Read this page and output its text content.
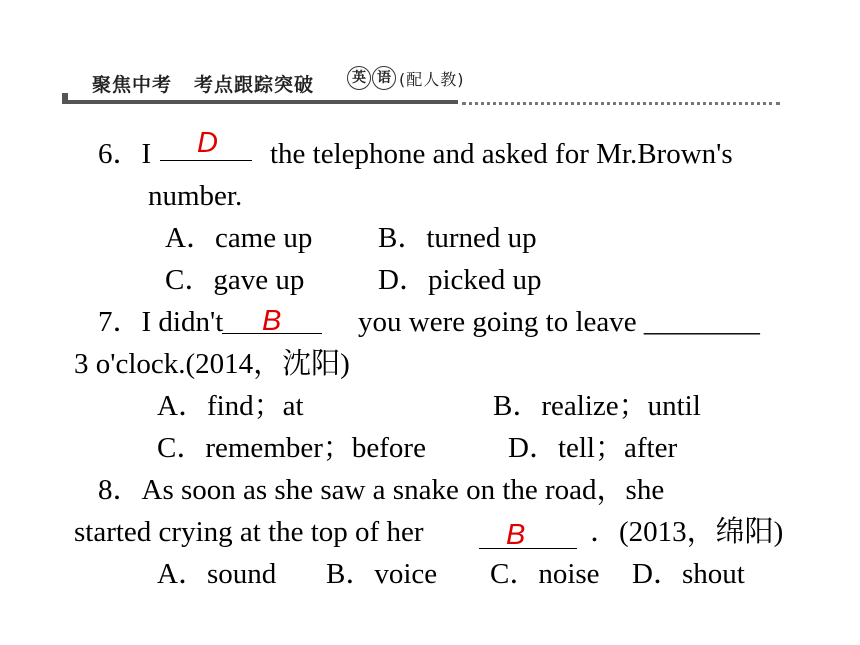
聚焦中考 考点跟踪突破	英 语 (配人教)
6．I D the telephone and asked for Mr.Brown's
number.
A．came up B．turned up
C．gave up	D．picked up
7．I didn't B	you were going to leave ________
3 o'clock.(2014，沈阳)
A．find；at	B．realize；until
C．remember；before	D．tell；after
8．As soon as she saw a snake on the road，she
started crying at the top of her	B ．(2013，绵阳)
A．sound B．voice C．noise D．shout
